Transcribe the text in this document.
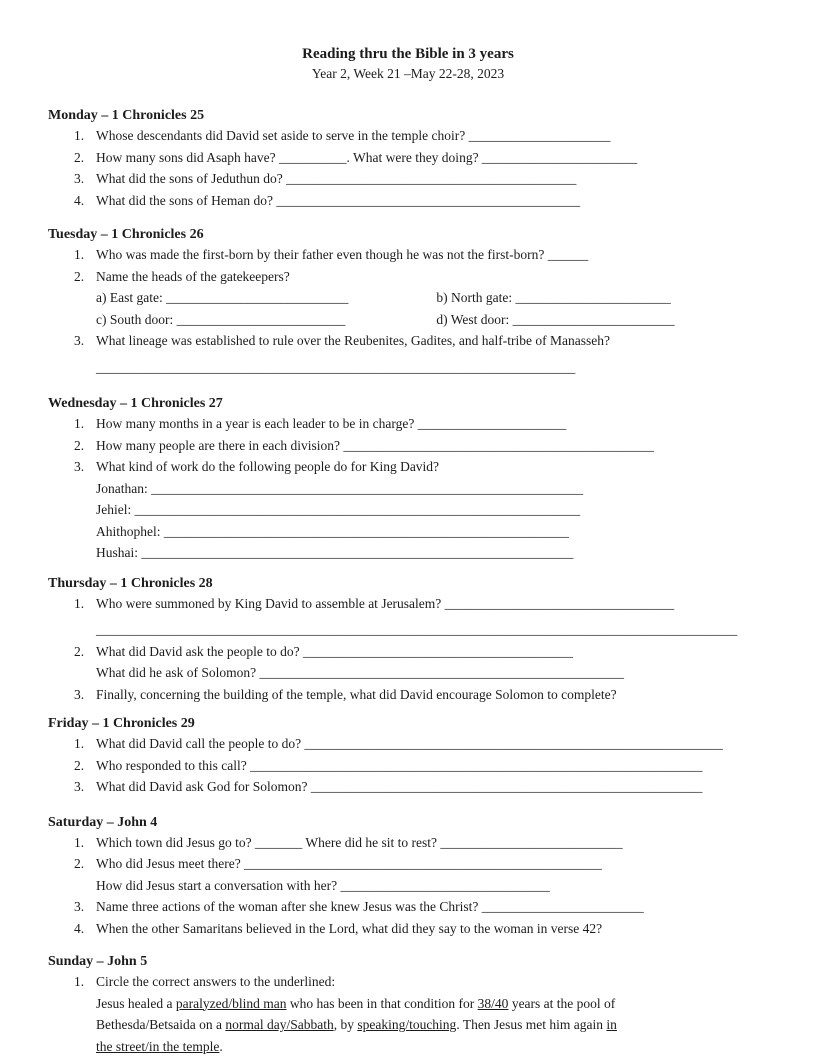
Reading thru the Bible in 3 years
Year 2, Week 21 –May 22-28, 2023
Monday – 1 Chronicles 25
1. Whose descendants did David set aside to serve in the temple choir? _____________________
2. How many sons did Asaph have? __________. What were they doing? _______________________
3. What did the sons of Jeduthun do? ___________________________________________
4. What did the sons of Heman do? _____________________________________________
Tuesday – 1 Chronicles 26
1. Who was made the first-born by their father even though he was not the first-born? ______
2. Name the heads of the gatekeepers?
a) East gate: ___________________________	b) North gate: _______________________
c) South door: _________________________	d) West door: ________________________
3. What lineage was established to rule over the Reubenites, Gadites, and half-tribe of Manasseh?
_______________________________________________________________________
Wednesday – 1 Chronicles 27
1. How many months in a year is each leader to be in charge? ______________________
2. How many people are there in each division? ______________________________________________
3. What kind of work do the following people do for King David?
Jonathan: ________________________________________________________________
Jehiel: __________________________________________________________________
Ahithophel: ____________________________________________________________
Hushai: ________________________________________________________________
Thursday – 1 Chronicles 28
1. Who were summoned by King David to assemble at Jerusalem? __________________________________
_______________________________________________________________________________________________
2. What did David ask the people to do? ________________________________________
What did he ask of Solomon? ______________________________________________________
3. Finally, concerning the building of the temple, what did David encourage Solomon to complete?
Friday – 1 Chronicles 29
1. What did David call the people to do? ______________________________________________________________
2. Who responded to this call? ___________________________________________________________________
3. What did David ask God for Solomon? __________________________________________________________
Saturday – John 4
1. Which town did Jesus go to? _______ Where did he sit to rest? ___________________________
2. Who did Jesus meet there? _____________________________________________________
How did Jesus start a conversation with her? _______________________________
3. Name three actions of the woman after she knew Jesus was the Christ? ________________________
4. When the other Samaritans believed in the Lord, what did they say to the woman in verse 42?
Sunday – John 5
1. Circle the correct answers to the underlined:
Jesus healed a paralyzed/blind man who has been in that condition for 38/40 years at the pool of
Bethesda/Betsaida on a normal day/Sabbath, by speaking/touching. Then Jesus met him again in
the street/in the temple.
